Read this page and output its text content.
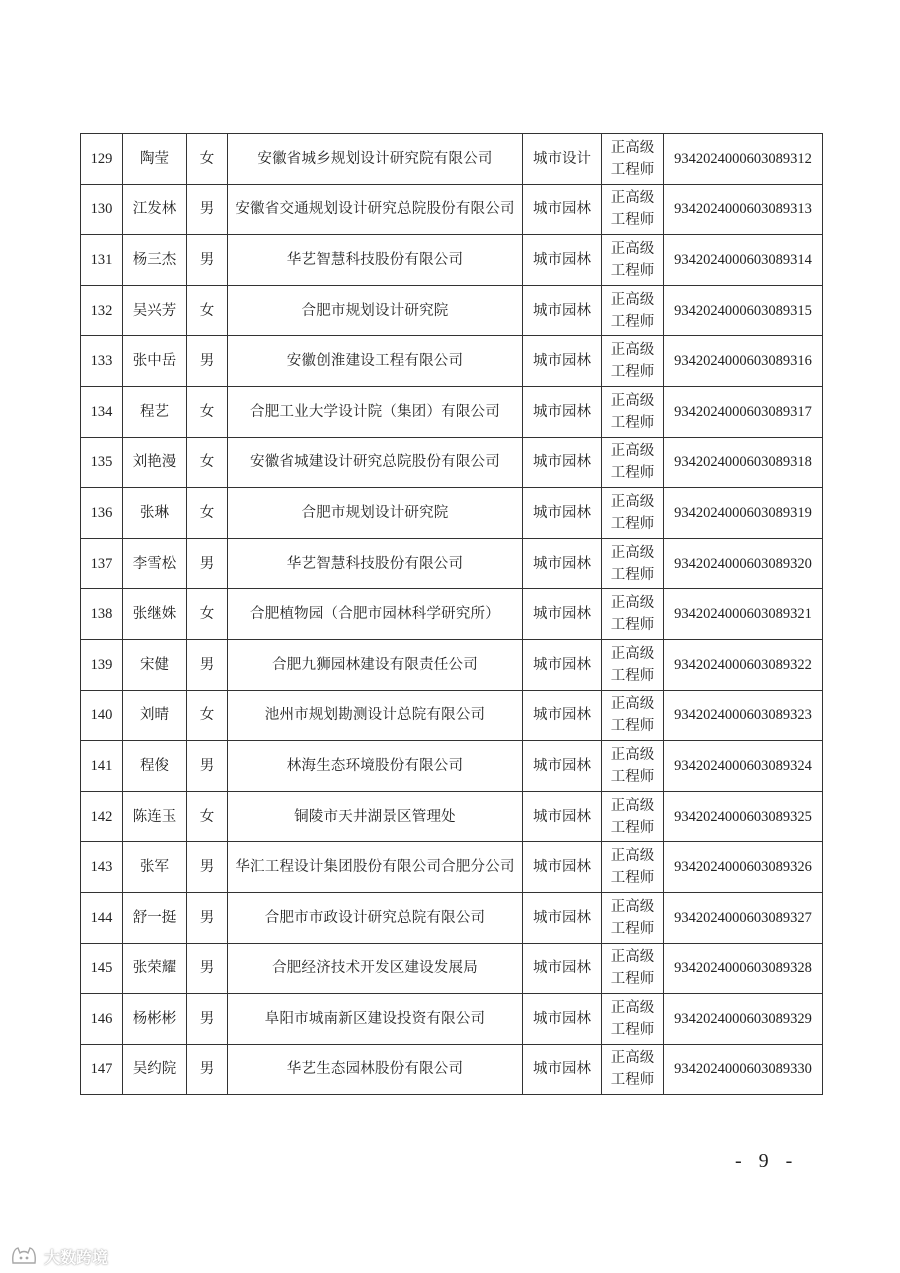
129	陶莹	女	安徽省城乡规划设计研究院有限公司	城市设计	正高级
工程师	9342024000603089312
130	江发林	男	安徽省交通规划设计研究总院股份有限公司	城市园林	正高级
工程师	9342024000603089313
131	杨三杰	男	华艺智慧科技股份有限公司	城市园林	正高级
工程师	9342024000603089314
132	吴兴芳	女	合肥市规划设计研究院	城市园林	正高级
工程师	9342024000603089315
133	张中岳	男	安徽创淮建设工程有限公司	城市园林	正高级
工程师	9342024000603089316
134	程艺	女	合肥工业大学设计院（集团）有限公司	城市园林	正高级
工程师	9342024000603089317
135	刘艳漫	女	安徽省城建设计研究总院股份有限公司	城市园林	正高级
工程师	9342024000603089318
136	张琳	女	合肥市规划设计研究院	城市园林	正高级
工程师	9342024000603089319
137	李雪松	男	华艺智慧科技股份有限公司	城市园林	正高级
工程师	9342024000603089320
138	张继姝	女	合肥植物园（合肥市园林科学研究所）	城市园林	正高级
工程师	9342024000603089321
139	宋健	男	合肥九狮园林建设有限责任公司	城市园林	正高级
工程师	9342024000603089322
140	刘晴	女	池州市规划勘测设计总院有限公司	城市园林	正高级
工程师	9342024000603089323
141	程俊	男	林海生态环境股份有限公司	城市园林	正高级
工程师	9342024000603089324
142	陈连玉	女	铜陵市天井湖景区管理处	城市园林	正高级
工程师	9342024000603089325
143	张军	男	华汇工程设计集团股份有限公司合肥分公司	城市园林	正高级
工程师	9342024000603089326
144	舒一挺	男	合肥市市政设计研究总院有限公司	城市园林	正高级
工程师	9342024000603089327
145	张荣耀	男	合肥经济技术开发区建设发展局	城市园林	正高级
工程师	9342024000603089328
146	杨彬彬	男	阜阳市城南新区建设投资有限公司	城市园林	正高级
工程师	9342024000603089329
147	吴约院	男	华艺生态园林股份有限公司	城市园林	正高级
工程师	9342024000603089330
- 9 -
大数跨境
